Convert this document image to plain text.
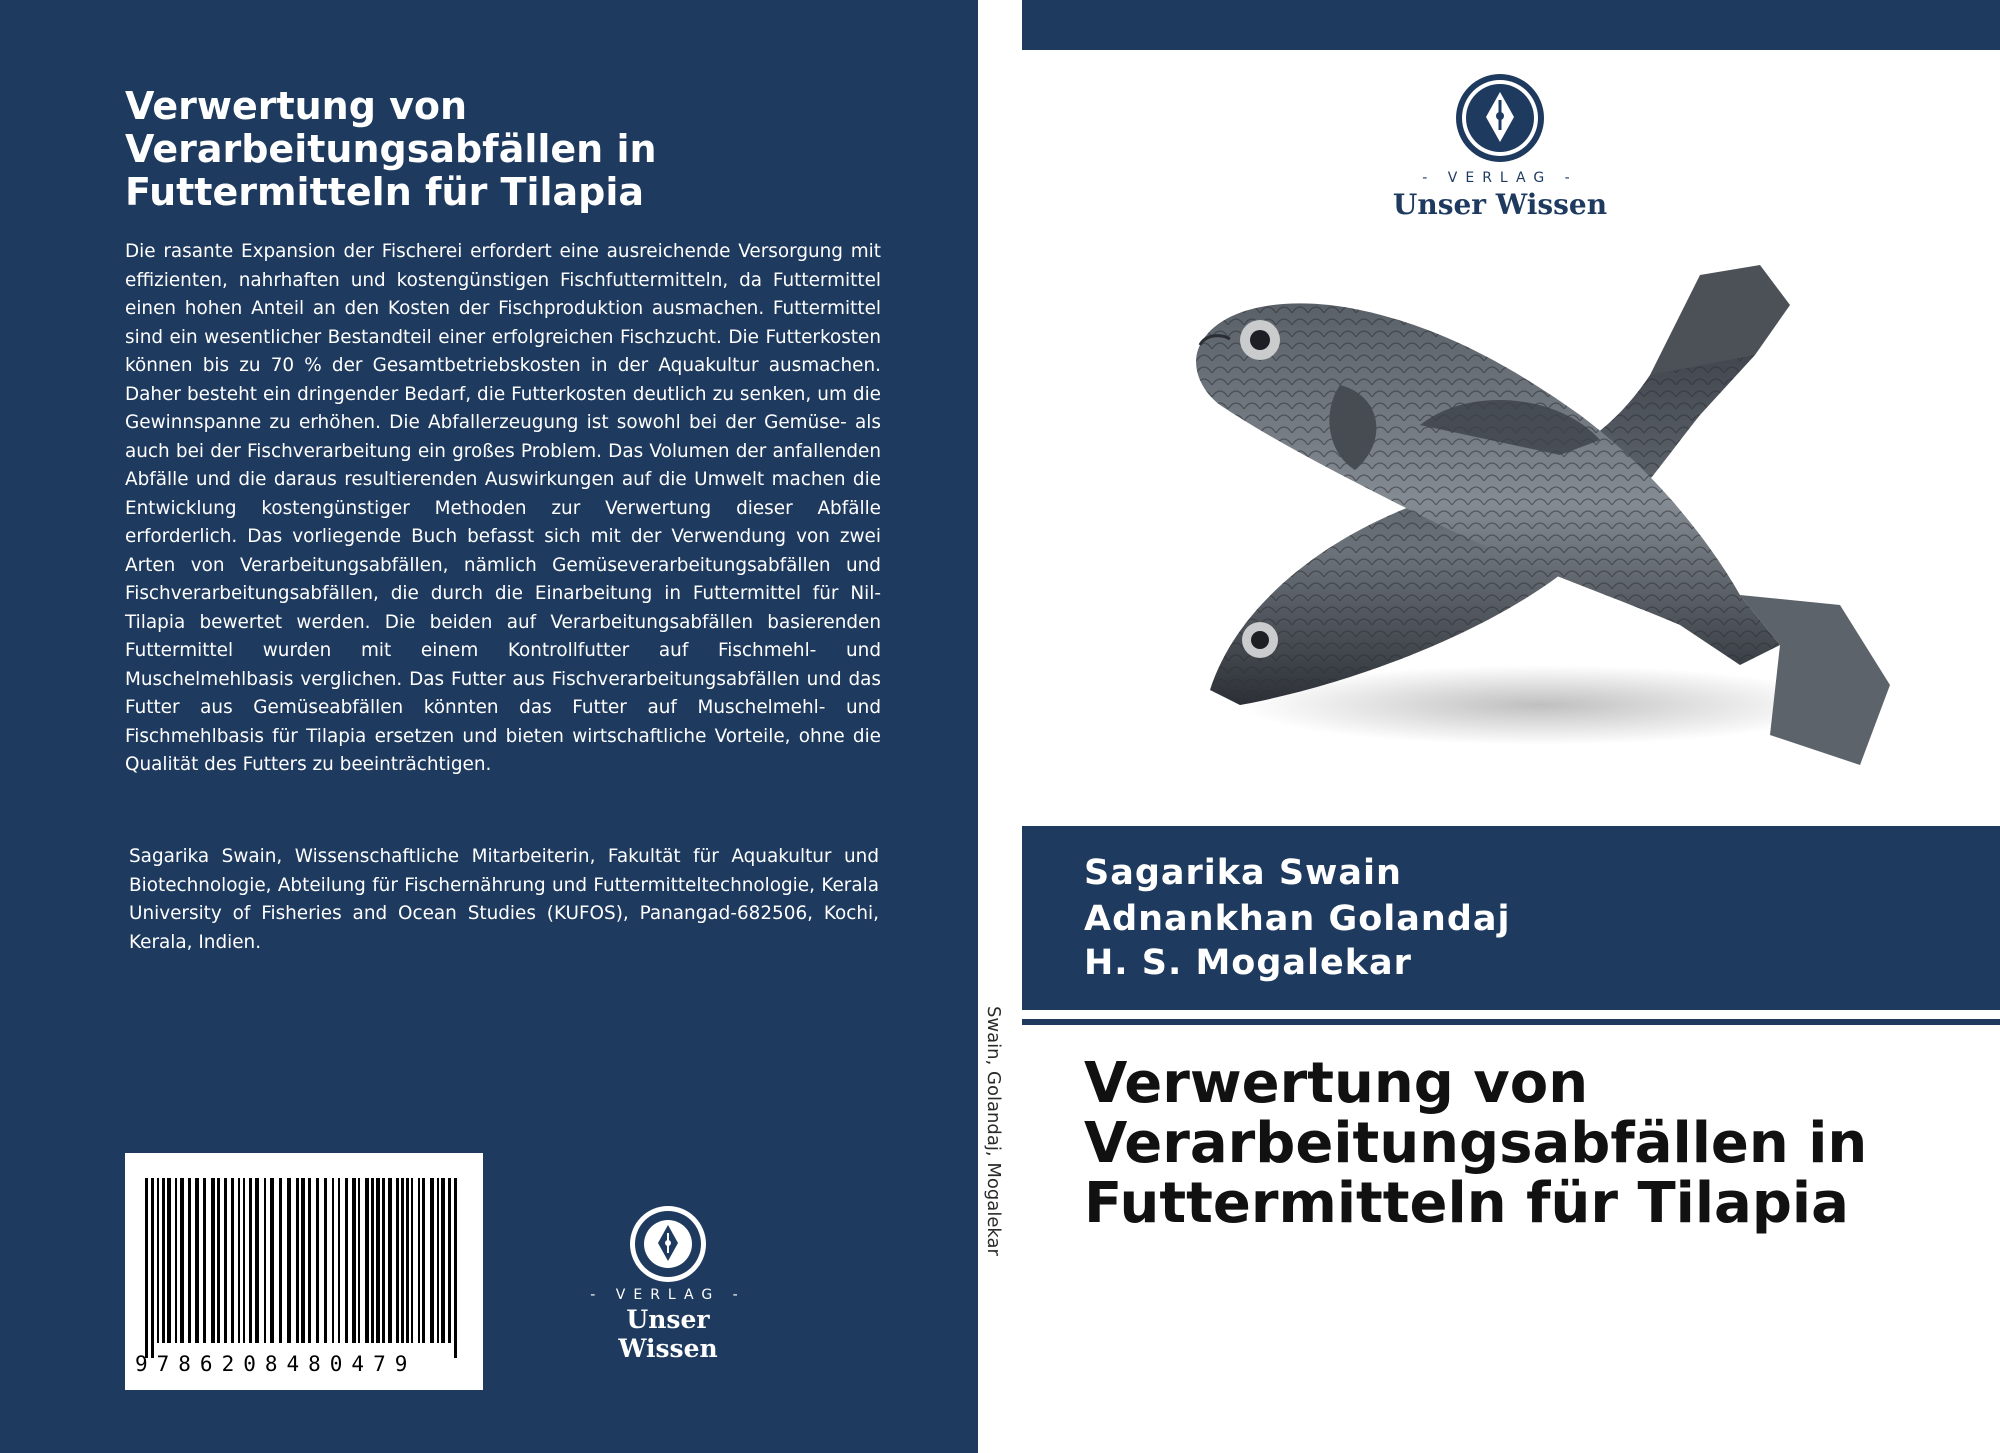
Verwertung von Verarbeitungsabfällen in Futtermitteln für Tilapia

Die rasante Expansion der Fischerei erfordert eine ausreichende Versorgung mit effizienten, nahrhaften und kostengünstigen Fischfuttermitteln, da Futtermittel einen hohen Anteil an den Kosten der Fischproduktion ausmachen. Futtermittel sind ein wesentlicher Bestandteil einer erfolgreichen Fischzucht. Die Futterkosten können bis zu 70 % der Gesamtbetriebskosten in der Aquakultur ausmachen. Daher besteht ein dringender Bedarf, die Futterkosten deutlich zu senken, um die Gewinnspanne zu erhöhen. Die Abfallerzeugung ist sowohl bei der Gemüse- als auch bei der Fischverarbeitung ein großes Problem. Das Volumen der anfallenden Abfälle und die daraus resultierenden Auswirkungen auf die Umwelt machen die Entwicklung kostengünstiger Methoden zur Verwertung dieser Abfälle erforderlich. Das vorliegende Buch befasst sich mit der Verwendung von zwei Arten von Verarbeitungsabfällen, nämlich Gemüseverarbeitungsabfällen und Fischverarbeitungsabfällen, die durch die Einarbeitung in Futtermittel für Nil-Tilapia bewertet werden. Die beiden auf Verarbeitungsabfällen basierenden Futtermittel wurden mit einem Kontrollfutter auf Fischmehl- und Muschelmehlbasis verglichen. Das Futter aus Fischverarbeitungsabfällen und das Futter aus Gemüseabfällen könnten das Futter auf Muschelmehl- und Fischmehlbasis für Tilapia ersetzen und bieten wirtschaftliche Vorteile, ohne die Qualität des Futters zu beeinträchtigen.

Sagarika Swain, Wissenschaftliche Mitarbeiterin, Fakultät für Aquakultur und Biotechnologie, Abteilung für Fischernährung und Futtermitteltechnologie, Kerala University of Fisheries and Ocean Studies (KUFOS), Panangad-682506, Kochi, Kerala, Indien.

9786208480479
- VERLAG -
Unser Wissen
Swain, Golandaj, Mogalekar
- VERLAG -
Unser Wissen

Sagarika Swain

Adnankhan Golandaj

H. S. Mogalekar

Verwertung von Verarbeitungsabfällen in Futtermitteln für Tilapia
